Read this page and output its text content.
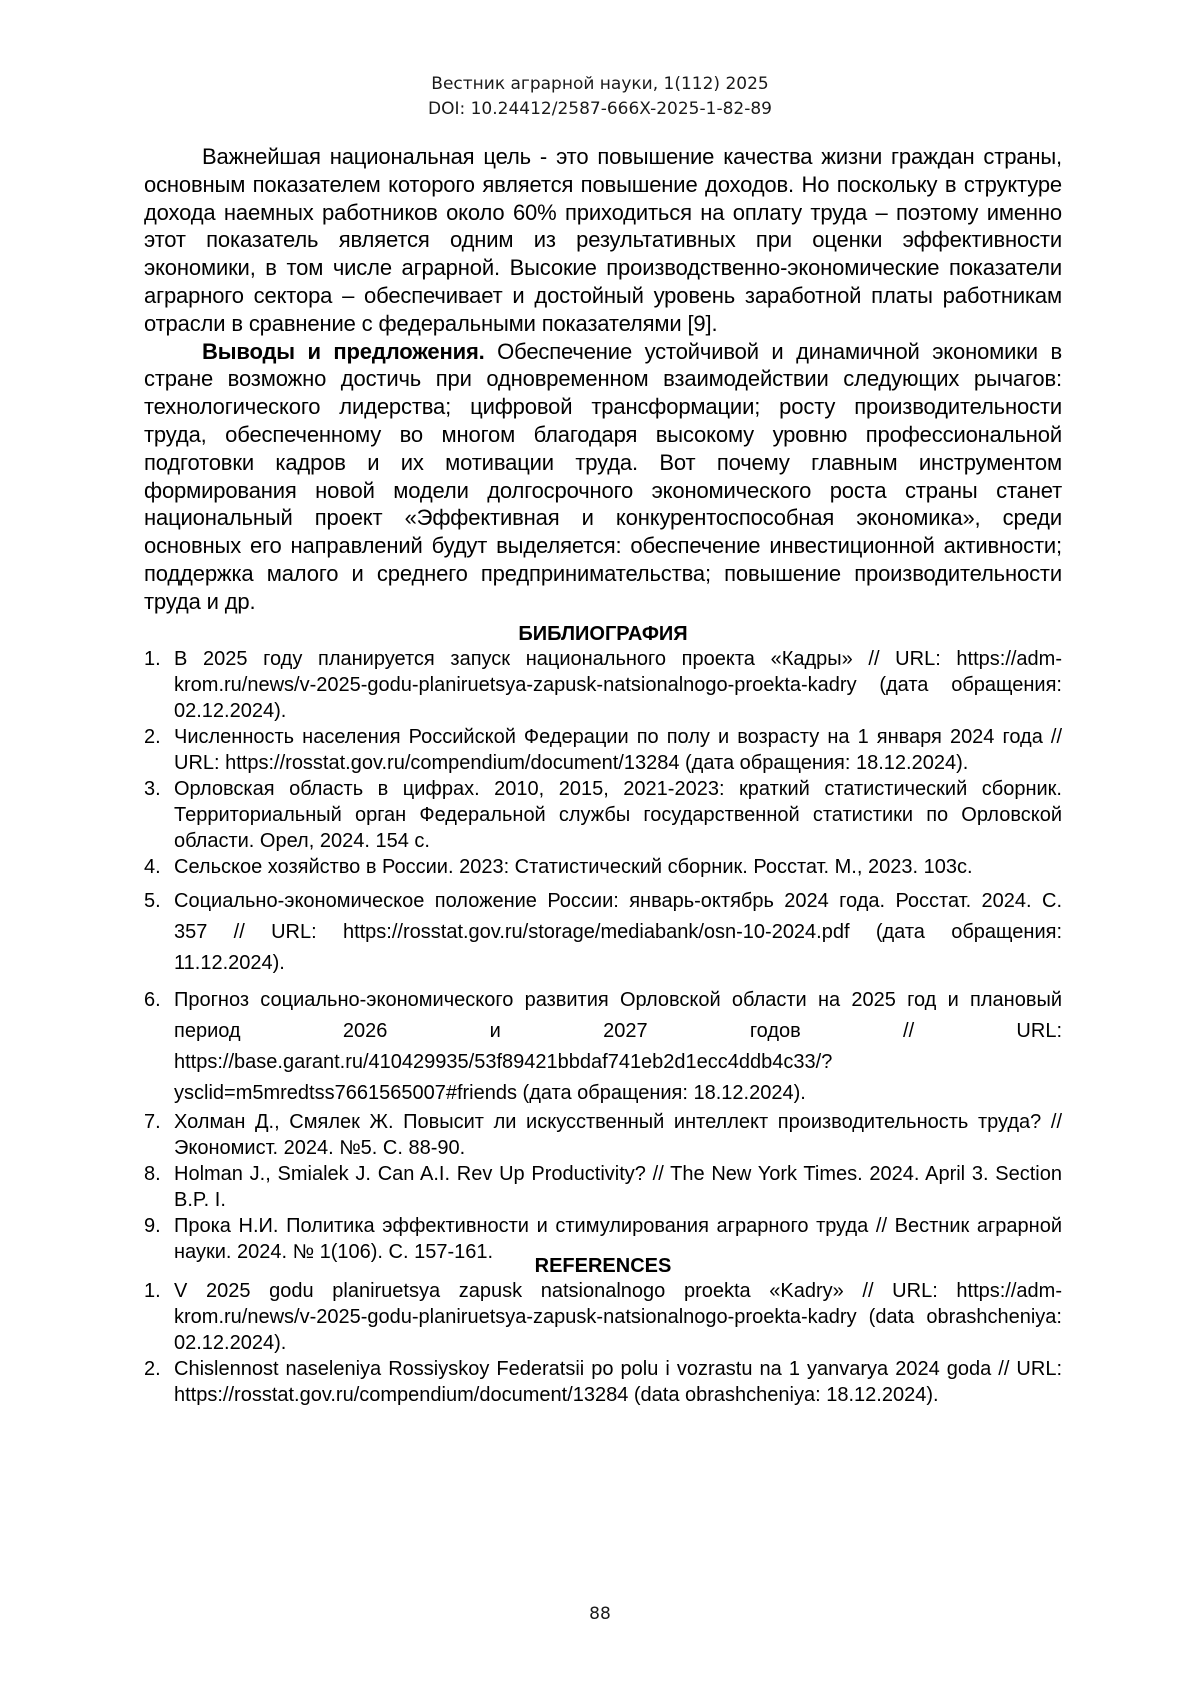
Вестник аграрной науки, 1(112) 2025
DOI: 10.24412/2587-666X-2025-1-82-89

Важнейшая национальная цель - это повышение качества жизни граждан страны, основным показателем которого является повышение доходов. Но поскольку в структуре дохода наемных работников около 60% приходиться на оплату труда – поэтому именно этот показатель является одним из результативных при оценки эффективности экономики, в том числе аграрной. Высокие производственно-экономические показатели аграрного сектора – обеспечивает и достойный уровень заработной платы работникам отрасли в сравнение с федеральными показателями [9].

Выводы и предложения. Обеспечение устойчивой и динамичной экономики в стране возможно достичь при одновременном взаимодействии следующих рычагов: технологического лидерства; цифровой трансформации; росту производительности труда, обеспеченному во многом благодаря высокому уровню профессиональной подготовки кадров и их мотивации труда. Вот почему главным инструментом формирования новой модели долгосрочного экономического роста страны станет национальный проект «Эффективная и конкурентоспособная экономика», среди основных его направлений будут выделяется: обеспечение инвестиционной активности; поддержка малого и среднего предпринимательства; повышение производительности труда и др.

БИБЛИОГРАФИЯ
1. В 2025 году планируется запуск национального проекта «Кадры» // URL: https://adm-krom.ru/news/v-2025-godu-planiruetsya-zapusk-natsionalnogo-proekta-kadry (дата обращения: 02.12.2024).
2. Численность населения Российской Федерации по полу и возрасту на 1 января 2024 года // URL: https://rosstat.gov.ru/compendium/document/13284 (дата обращения: 18.12.2024).
3. Орловская область в цифрах. 2010, 2015, 2021-2023: краткий статистический сборник. Территориальный орган Федеральной службы государственной статистики по Орловской области. Орел, 2024. 154 с.
4. Сельское хозяйство в России. 2023: Статистический сборник. Росстат. М., 2023. 103с.
5. Социально-экономическое положение России: январь-октябрь 2024 года. Росстат. 2024. С. 357 // URL: https://rosstat.gov.ru/storage/mediabank/osn-10-2024.pdf (дата обращения: 11.12.2024).
6. Прогноз социально-экономического развития Орловской области на 2025 год и плановый период 2026 и 2027 годов // URL: https://base.garant.ru/410429935/53f89421bbdaf741eb2d1ecc4ddb4c33/?ysclid=m5mredtss7661565007#friends (дата обращения: 18.12.2024).
7. Холман Д., Смялек Ж. Повысит ли искусственный интеллект производительность труда? // Экономист. 2024. №5. С. 88-90.
8. Holman J., Smialek J. Can A.I. Rev Up Productivity? // The New York Times. 2024. April 3. Section B.P. I.
9. Прока Н.И. Политика эффективности и стимулирования аграрного труда // Вестник аграрной науки. 2024. № 1(106). С. 157-161.
REFERENCES
1. V 2025 godu planiruetsya zapusk natsionalnogo proekta «Kadry» // URL: https://adm-krom.ru/news/v-2025-godu-planiruetsya-zapusk-natsionalnogo-proekta-kadry (data obrashcheniya: 02.12.2024).
2. Chislennost naseleniya Rossiyskoy Federatsii po polu i vozrastu na 1 yanvarya 2024 goda // URL: https://rosstat.gov.ru/compendium/document/13284 (data obrashcheniya: 18.12.2024).
88
